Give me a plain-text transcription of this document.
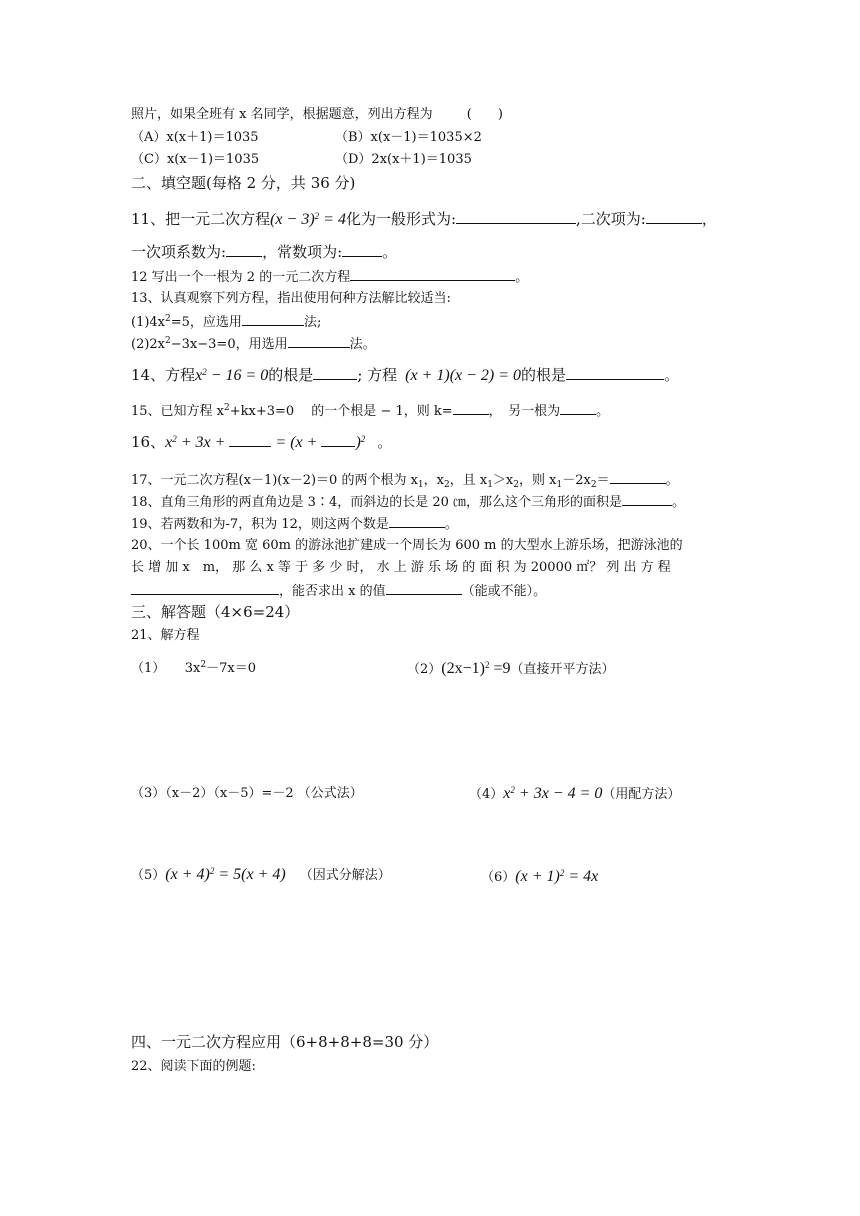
照片，如果全班有 x 名同学，根据题意，列出方程为	(　　)
（A）x(x＋1)＝1035	（B）x(x－1)＝1035×2
（C）x(x－1)＝1035	（D）2x(x＋1)＝1035
二、填空题(每格 2 分，共 36 分)
11、把一元二次方程$(x - 3)^2 = 4$化为一般形式为:	,二次项为:	，
一次项系数为: ，常数项为:	。
12 写出一个一根为 2 的一元二次方程	。
13、认真观察下列方程，指出使用何种方法解比较适当:
$(1)4x^2=5$，应选用	法;
$(2)2x^2-3x-3=0$，用选用	法。
14、方程$x^2 - 16 = 0$的根是	; 方程 (x + 1)(x − 2) = 0的根是	。
15、已知方程 $x^2+kx+3=0$　 的一个根是 − 1，则 k=	，　另一根为	。
16、$x^2 + 3x$ +	= $(x + )^2$ 。
17、一元二次方程(x－1)(x－2)＝0 的两个根为 $x_1$，$x_2$，且 $x_1>x_2$，则 $x_1-2x_2=$	。
18、直角三角形的两直角边是 3∶4，而斜边的长是 20 ㎝，那么这个三角形的面积是	。
19、若两数和为-7，积为 12，则这两个数是	。
20、一个长 100m 宽 60m 的游泳池扩建成一个周长为 600 m 的大型水上游乐场，把游泳池的
长 增 加 x　m， 那 么 x 等 于 多 少 时， 水 上 游 乐 场 的 面 积 为 20000 ㎡？ 列 出 方 程
，能否求出 x 的值	（能或不能）。
三、解答题（4×6=24）
21、解方程
（1）　　$3x^2-7x=0$	$(2)(2x-1)^2 =9$（直接开平方法）
（3）（x－2）（x－5）=－2 （公式法）	$(4)x^2 + 3x - 4 = 0$（用配方法）
$(5)(x + 4)^2 = 5(x + 4)$ （因式分解法）	$(6)(x + 1)^2 = 4x$
四、一元二次方程应用（6+8+8+8=30 分）
22、阅读下面的例题:
